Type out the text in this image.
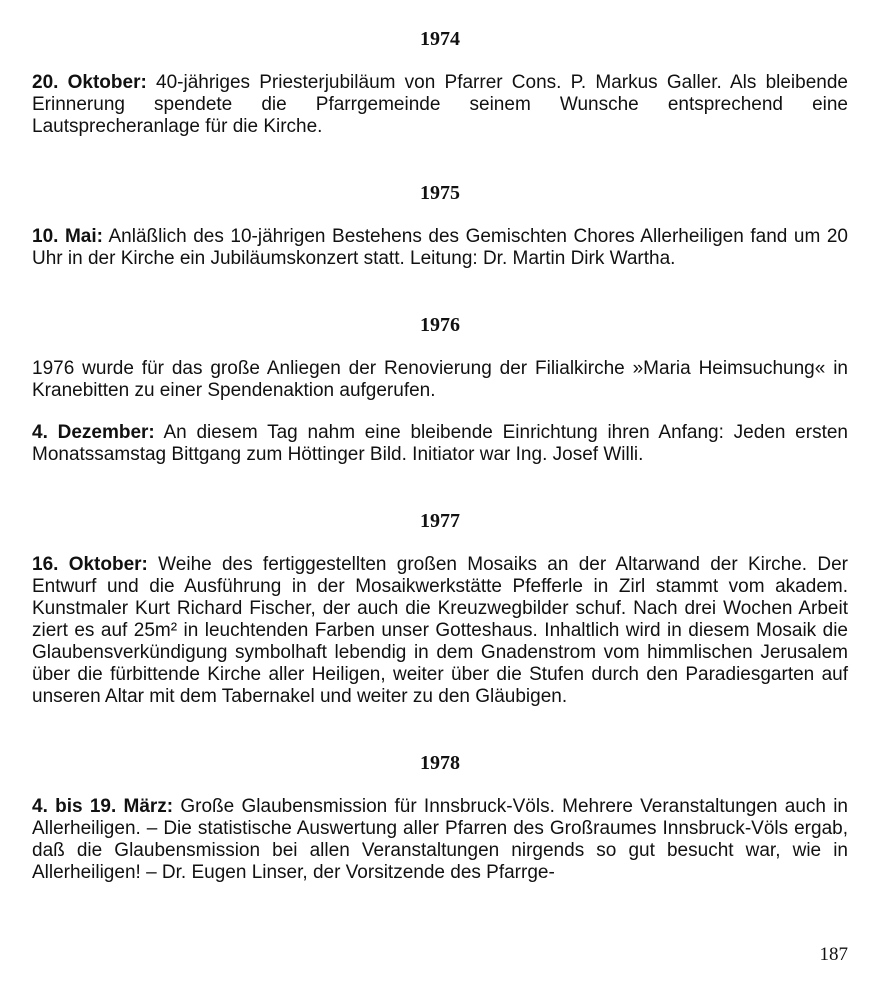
1974

20. Oktober: 40-jähriges Priesterjubiläum von Pfarrer Cons. P. Markus Galler. Als bleibende Erinnerung spendete die Pfarrgemeinde seinem Wunsche entsprechend eine Lautsprecheranlage für die Kirche.

1975

10. Mai: Anläßlich des 10-jährigen Bestehens des Gemischten Chores Allerheiligen fand um 20 Uhr in der Kirche ein Jubiläumskonzert statt. Leitung: Dr. Martin Dirk Wartha.

1976

1976 wurde für das große Anliegen der Renovierung der Filialkirche »Maria Heimsuchung« in Kranebitten zu einer Spendenaktion aufgerufen.

4. Dezember: An diesem Tag nahm eine bleibende Einrichtung ihren Anfang: Jeden ersten Monatssamstag Bittgang zum Höttinger Bild. Initiator war Ing. Josef Willi.

1977

16. Oktober: Weihe des fertiggestellten großen Mosaiks an der Altarwand der Kirche. Der Entwurf und die Ausführung in der Mosaikwerkstätte Pfefferle in Zirl stammt vom akadem. Kunstmaler Kurt Richard Fischer, der auch die Kreuzwegbilder schuf. Nach drei Wochen Arbeit ziert es auf 25m² in leuchtenden Farben unser Gotteshaus. Inhaltlich wird in diesem Mosaik die Glaubensverkündigung symbolhaft lebendig in dem Gnadenstrom vom himmlischen Jerusalem über die fürbittende Kirche aller Heiligen, weiter über die Stufen durch den Paradiesgarten auf unseren Altar mit dem Tabernakel und weiter zu den Gläubigen.

1978

4. bis 19. März: Große Glaubensmission für Innsbruck-Völs. Mehrere Veranstaltungen auch in Allerheiligen. – Die statistische Auswertung aller Pfarren des Großraumes Innsbruck-Völs ergab, daß die Glaubensmission bei allen Veranstaltungen nirgends so gut besucht war, wie in Allerheiligen! – Dr. Eugen Linser, der Vorsitzende des Pfarrge-

187
